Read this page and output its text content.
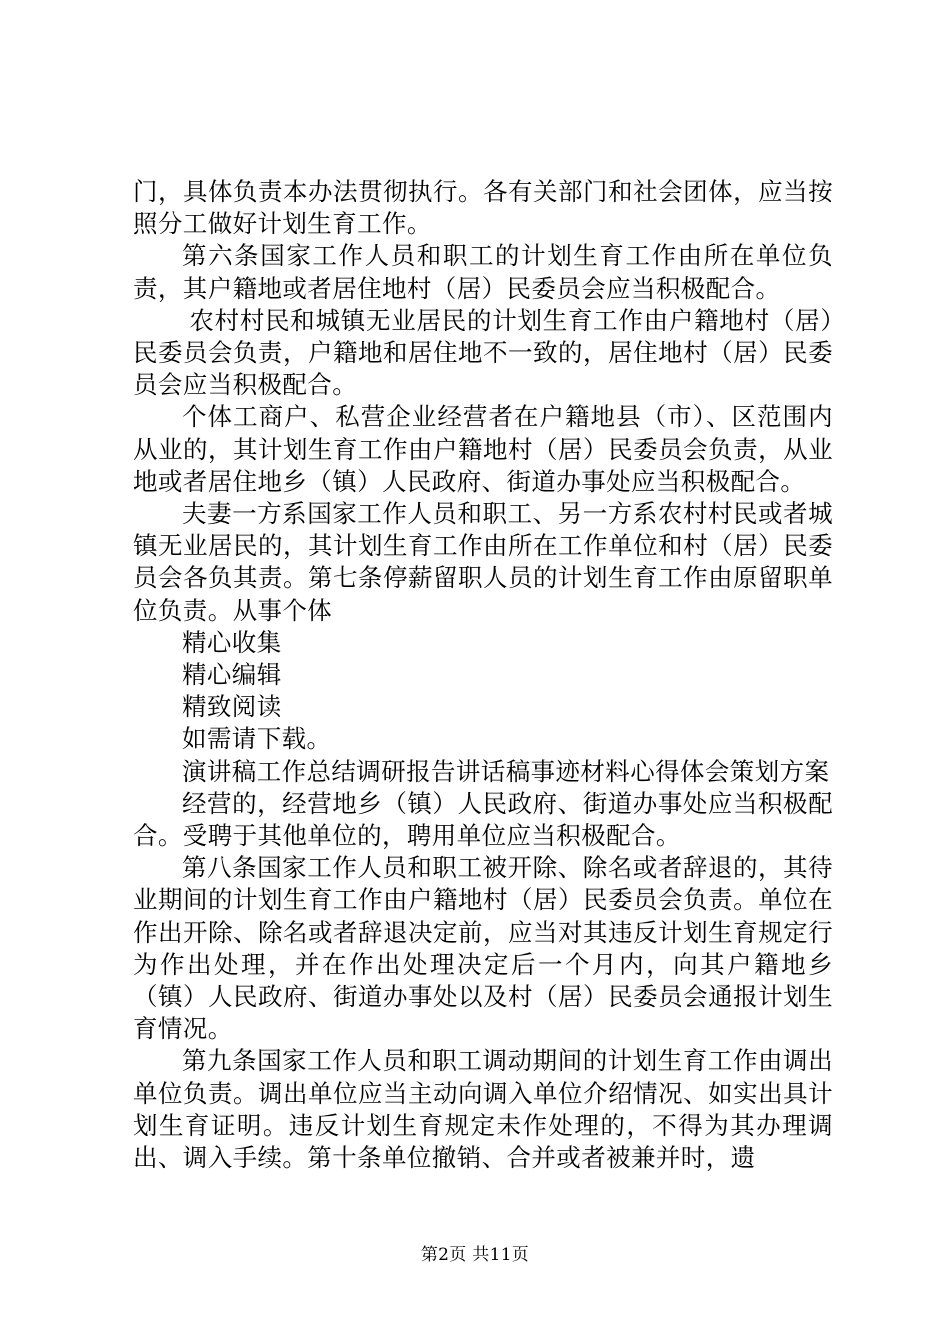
门，具体负责本办法贯彻执行。各有关部门和社会团体，应当按照分工做好计划生育工作。

第六条国家工作人员和职工的计划生育工作由所在单位负责，其户籍地或者居住地村（居）民委员会应当积极配合。

农村村民和城镇无业居民的计划生育工作由户籍地村（居）民委员会负责，户籍地和居住地不一致的，居住地村（居）民委员会应当积极配合。

个体工商户、私营企业经营者在户籍地县（市）、区范围内从业的，其计划生育工作由户籍地村（居）民委员会负责，从业地或者居住地乡（镇）人民政府、街道办事处应当积极配合。

夫妻一方系国家工作人员和职工、另一方系农村村民或者城镇无业居民的，其计划生育工作由所在工作单位和村（居）民委员会各负其责。第七条停薪留职人员的计划生育工作由原留职单位负责。从事个体

精心收集

精心编辑

精致阅读

如需请下载。

演讲稿工作总结调研报告讲话稿事迹材料心得体会策划方案

经营的，经营地乡（镇）人民政府、街道办事处应当积极配合。受聘于其他单位的，聘用单位应当积极配合。

第八条国家工作人员和职工被开除、除名或者辞退的，其待业期间的计划生育工作由户籍地村（居）民委员会负责。单位在作出开除、除名或者辞退决定前，应当对其违反计划生育规定行为作出处理，并在作出处理决定后一个月内，向其户籍地乡（镇）人民政府、街道办事处以及村（居）民委员会通报计划生育情况。

第九条国家工作人员和职工调动期间的计划生育工作由调出单位负责。调出单位应当主动向调入单位介绍情况、如实出具计划生育证明。违反计划生育规定未作处理的，不得为其办理调出、调入手续。第十条单位撤销、合并或者被兼并时，遗

第2页 共11页
